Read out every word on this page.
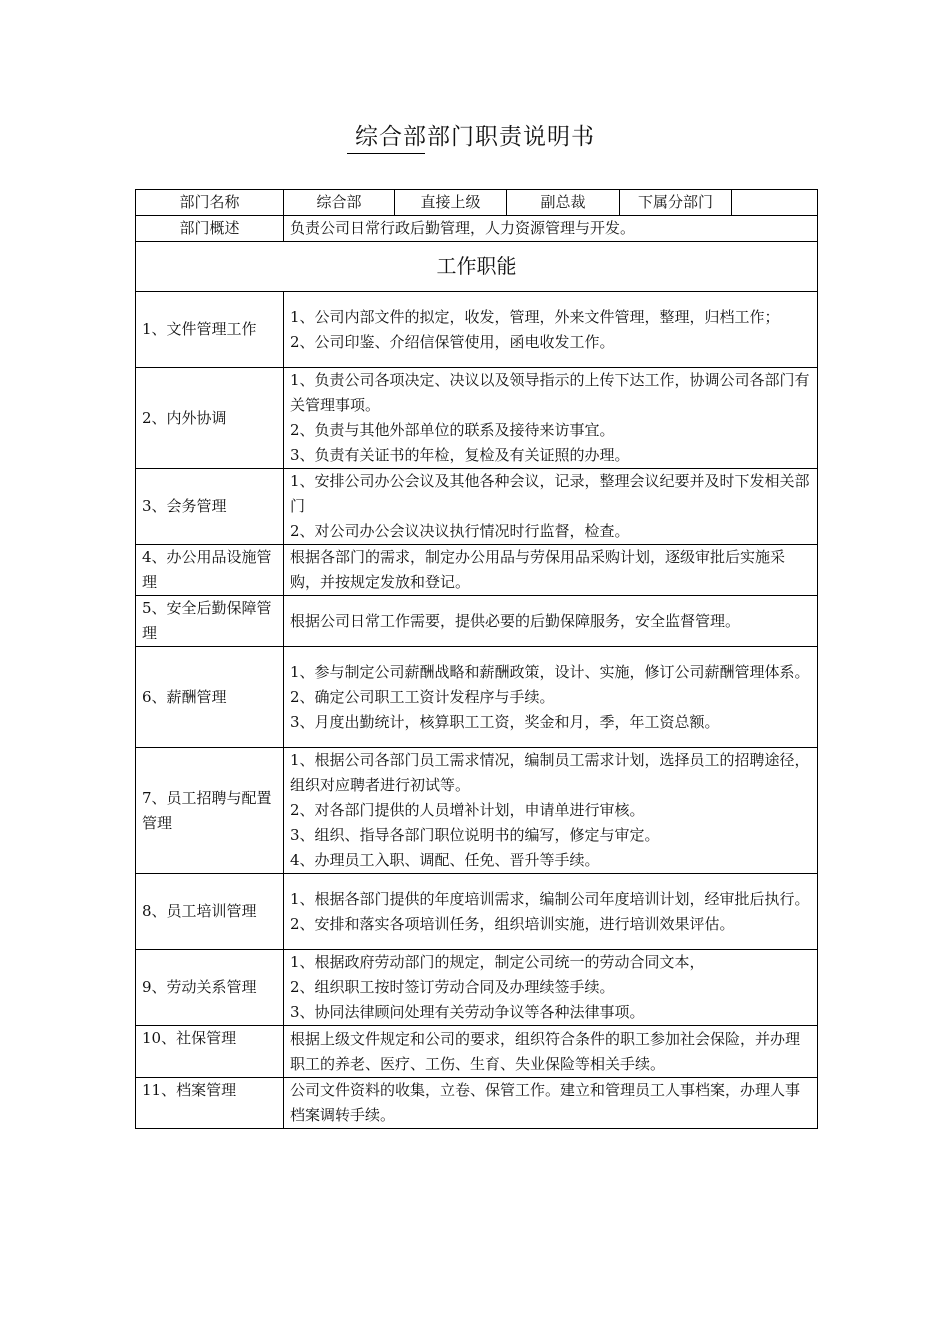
综合部部门职责说明书
部门名称	综合部	直接上级	副总裁	下属分部门	
部门概述	负责公司日常行政后勤管理，人力资源管理与开发。				
工作职能					
1、文件管理工作	1、公司内部文件的拟定，收发，管理，外来文件管理，整理，归档工作；
2、公司印鉴、介绍信保管使用，函电收发工作。				

2、内外协调	1、负责公司各项决定、决议以及领导指示的上传下达工作，协调公司各部门有关管理事项。
2、负责与其他外部单位的联系及接待来访事宜。
3、负责有关证书的年检，复检及有关证照的办理。				

3、会务管理	1、安排公司办公会议及其他各种会议，记录，整理会议纪要并及时下发相关部门
2、对公司办公会议决议执行情况时行监督，检查。				

4、办公用品设施管理	根据各部门的需求，制定办公用品与劳保用品采购计划，逐级审批后实施采购，并按规定发放和登记。				

5、安全后勤保障管理	根据公司日常工作需要，提供必要的后勤保障服务，安全监督管理。				

6、薪酬管理	1、参与制定公司薪酬战略和薪酬政策，设计、实施，修订公司薪酬管理体系。
2、确定公司职工工资计发程序与手续。
3、月度出勤统计，核算职工工资，奖金和月，季，年工资总额。				

7、员工招聘与配置管理	1、根据公司各部门员工需求情况，编制员工需求计划，选择员工的招聘途径，组织对应聘者进行初试等。
2、对各部门提供的人员增补计划，申请单进行审核。
3、组织、指导各部门职位说明书的编写，修定与审定。
4、办理员工入职、调配、任免、晋升等手续。				

8、员工培训管理	1、根据各部门提供的年度培训需求，编制公司年度培训计划，经审批后执行。
2、安排和落实各项培训任务，组织培训实施，进行培训效果评估。				

9、劳动关系管理	1、根据政府劳动部门的规定，制定公司统一的劳动合同文本，
2、组织职工按时签订劳动合同及办理续签手续。
3、协同法律顾问处理有关劳动争议等各种法律事项。				

10、社保管理	根据上级文件规定和公司的要求，组织符合条件的职工参加社会保险，并办理职工的养老、医疗、工伤、生育、失业保险等相关手续。				

11、档案管理	公司文件资料的收集，立卷、保管工作。建立和管理员工人事档案，办理人事档案调转手续。				
